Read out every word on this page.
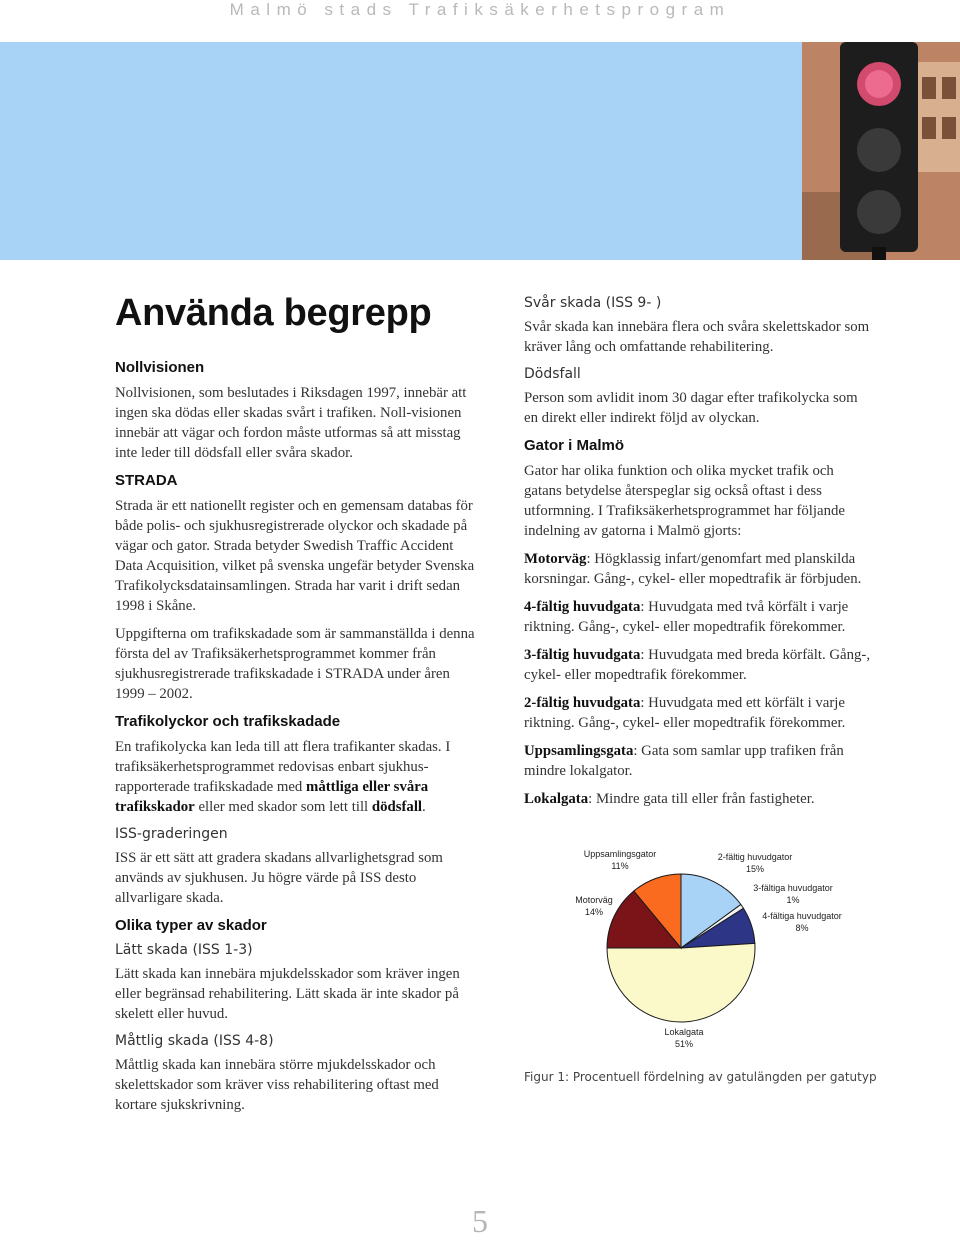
Malmö stads Trafiksäkerhetsprogram
Använda begrepp
Nollvisionen

Nollvisionen, som beslutades i Riksdagen 1997, innebär att ingen ska dödas eller skadas svårt i trafiken. Noll-visionen innebär att vägar och fordon måste utformas så att misstag inte leder till dödsfall eller svåra skador.

STRADA

Strada är ett nationellt register och en gemensam databas för både polis- och sjukhusregistrerade olyckor och skadade på vägar och gator. Strada betyder Swedish Traffic Accident Data Acquisition, vilket på svenska ungefär betyder Svenska Trafikolycksdatainsamlingen. Strada har varit i drift sedan 1998 i Skåne.

Uppgifterna om trafikskadade som är sammanställda i denna första del av Trafiksäkerhetsprogrammet kommer från sjukhusregistrerade trafikskadade i STRADA under åren 1999 – 2002.

Trafikolyckor och trafikskadade

En trafikolycka kan leda till att flera trafikanter skadas. I trafiksäkerhetsprogrammet redovisas enbart sjukhus-rapporterade trafikskadade med måttliga eller svåra trafikskador eller med skador som lett till dödsfall.

ISS-graderingen

ISS är ett sätt att gradera skadans allvarlighetsgrad som används av sjukhusen. Ju högre värde på ISS desto allvarligare skada.

Olika typer av skador
Lätt skada (ISS 1-3)

Lätt skada kan innebära mjukdelsskador som kräver ingen eller begränsad rehabilitering. Lätt skada är inte skador på skelett eller huvud.

Måttlig skada (ISS 4-8)

Måttlig skada kan innebära större mjukdelsskador och skelettskador som kräver viss rehabilitering oftast med kortare sjukskrivning.

Svår skada (ISS 9- )

Svår skada kan innebära flera och svåra skelettskador som kräver lång och omfattande rehabilitering.

Dödsfall

Person som avlidit inom 30 dagar efter trafikolycka som en direkt eller indirekt följd av olyckan.

Gator i Malmö

Gator har olika funktion och olika mycket trafik och gatans betydelse återspeglar sig också oftast i dess utformning. I Trafiksäkerhetsprogrammet har följande indelning av gatorna i Malmö gjorts:

Motorväg: Högklassig infart/genomfart med planskilda korsningar. Gång-, cykel- eller mopedtrafik är förbjuden.

4-fältig huvudgata: Huvudgata med två körfält i varje riktning. Gång-, cykel- eller mopedtrafik förekommer.

3-fältig huvudgata: Huvudgata med breda körfält. Gång-, cykel- eller mopedtrafik förekommer.

2-fältig huvudgata: Huvudgata med ett körfält i varje riktning. Gång-, cykel- eller mopedtrafik förekommer.

Uppsamlingsgata: Gata som samlar upp trafiken från mindre lokalgator.

Lokalgata: Mindre gata till eller från fastigheter.

Uppsamlingsgator
11%
2-fältig huvudgator
15%
3-fältiga huvudgator
1%
4-fältiga huvudgator
8%
Motorväg
14%
Lokalgata
51%
Figur 1: Procentuell fördelning av gatulängden per gatutyp
5
